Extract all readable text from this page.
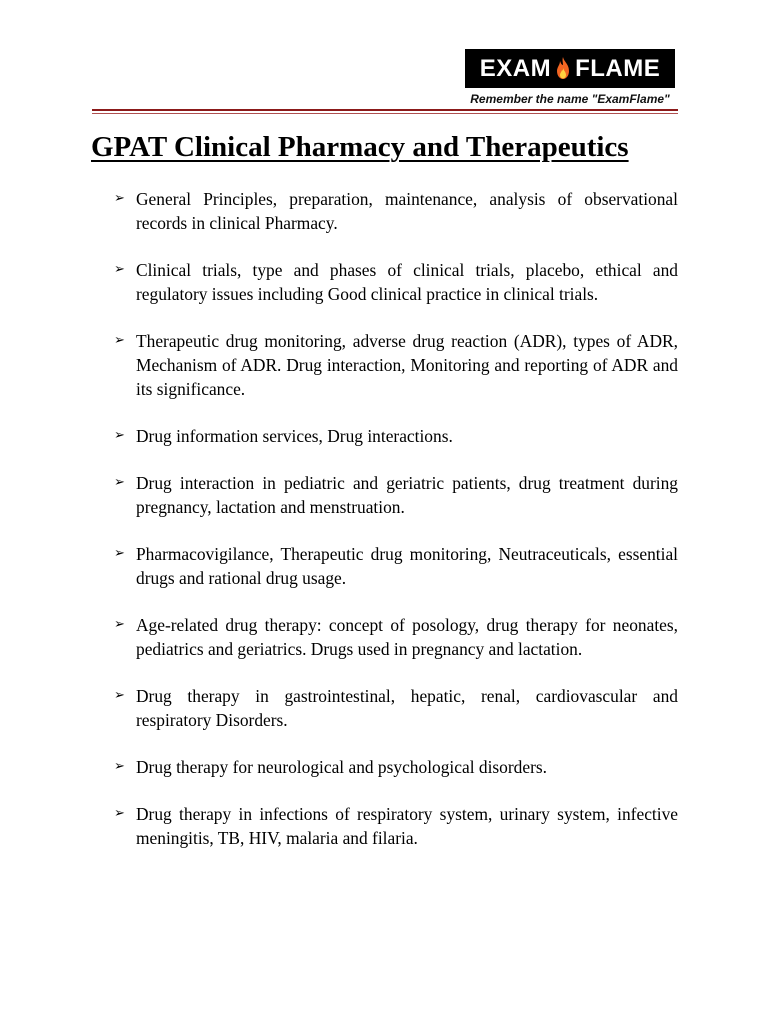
EXAM FLAME
Remember the name "ExamFlame"
GPAT Clinical Pharmacy and Therapeutics
➢ General Principles, preparation, maintenance, analysis of observational records in clinical Pharmacy.
➢ Clinical trials, type and phases of clinical trials, placebo, ethical and regulatory issues including Good clinical practice in clinical trials.
➢ Therapeutic drug monitoring, adverse drug reaction (ADR), types of ADR, Mechanism of ADR. Drug interaction, Monitoring and reporting of ADR and its significance.
➢ Drug information services, Drug interactions.
➢ Drug interaction in pediatric and geriatric patients, drug treatment during pregnancy, lactation and menstruation.
➢ Pharmacovigilance, Therapeutic drug monitoring, Neutraceuticals, essential drugs and rational drug usage.
➢ Age-related drug therapy: concept of posology, drug therapy for neonates, pediatrics and geriatrics. Drugs used in pregnancy and lactation.
➢ Drug therapy in gastrointestinal, hepatic, renal, cardiovascular and respiratory Disorders.
➢ Drug therapy for neurological and psychological disorders.
➢ Drug therapy in infections of respiratory system, urinary system, infective meningitis, TB, HIV, malaria and filaria.
